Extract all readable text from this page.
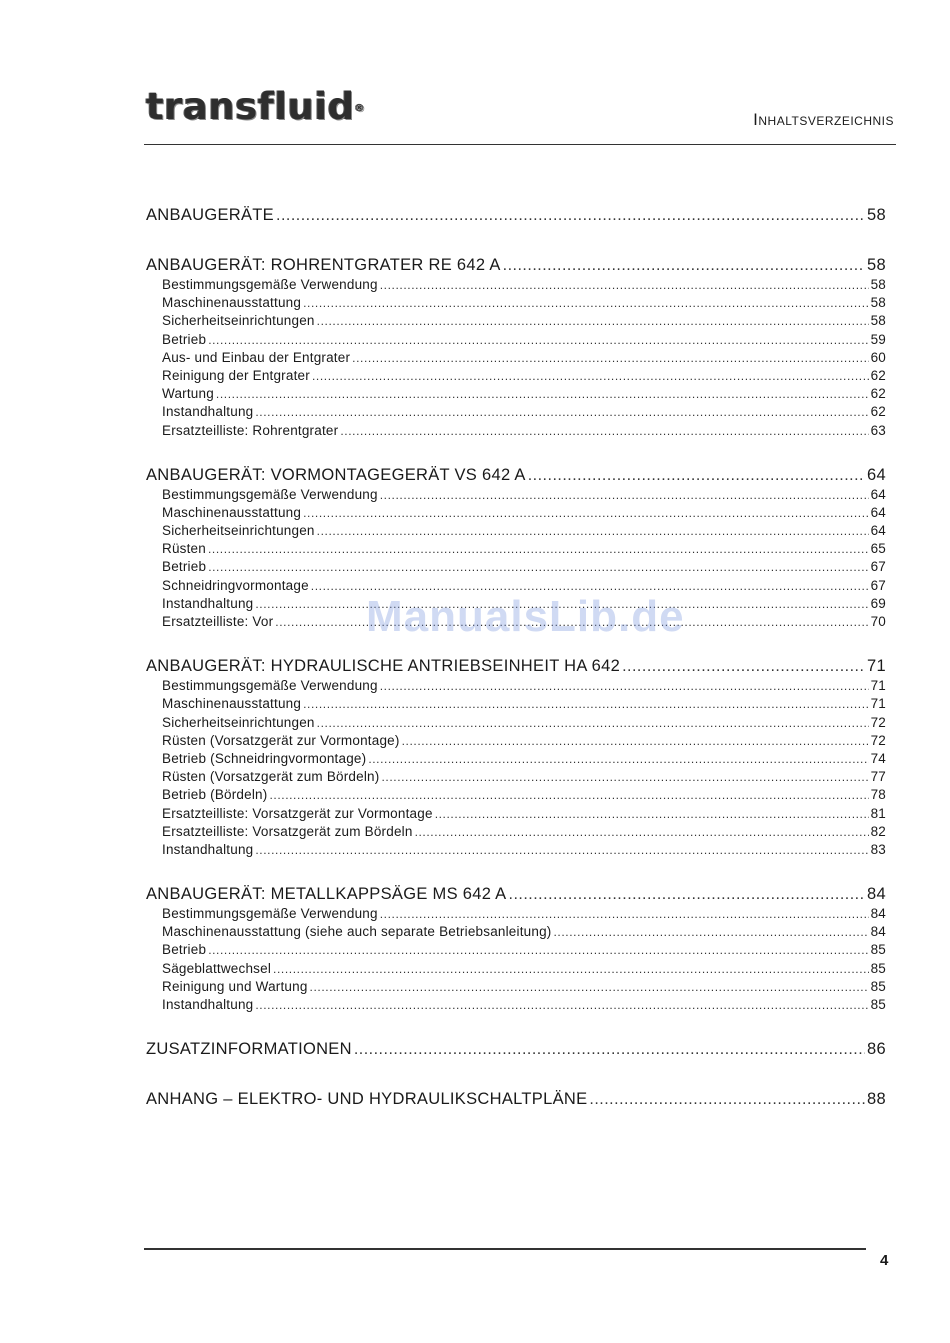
transfluid®
Inhaltsverzeichnis
ANBAUGERÄTE .....	58
ANBAUGERÄT: ROHRENTGRATER RE 642 A .....	58
Bestimmungsgemäße Verwendung .....	58
Maschinenausstattung .....	58
Sicherheitseinrichtungen .....	58
Betrieb .....	59
Aus- und Einbau der Entgrater .....	60
Reinigung der Entgrater .....	62
Wartung .....	62
Instandhaltung .....	62
Ersatzteilliste: Rohrentgrater .....	63
ANBAUGERÄT: VORMONTAGEGERÄT VS 642 A .....	64
Bestimmungsgemäße Verwendung .....	64
Maschinenausstattung .....	64
Sicherheitseinrichtungen .....	64
Rüsten .....	65
Betrieb .....	67
Schneidringvormontage .....	67
Instandhaltung .....	69
Ersatzteilliste: Vor .....	70
ANBAUGERÄT: HYDRAULISCHE ANTRIEBSEINHEIT HA 642 .....	71
Bestimmungsgemäße Verwendung .....	71
Maschinenausstattung .....	71
Sicherheitseinrichtungen .....	72
Rüsten (Vorsatzgerät zur Vormontage) .....	72
Betrieb (Schneidringvormontage) .....	74
Rüsten (Vorsatzgerät zum Bördeln) .....	77
Betrieb (Bördeln) .....	78
Ersatzteilliste: Vorsatzgerät zur Vormontage .....	81
Ersatzteilliste: Vorsatzgerät zum Bördeln .....	82
Instandhaltung .....	83
ANBAUGERÄT: METALLKAPPSÄGE MS 642 A .....	84
Bestimmungsgemäße Verwendung .....	84
Maschinenausstattung (siehe auch separate Betriebsanleitung) .....	84
Betrieb .....	85
Sägeblattwechsel .....	85
Reinigung und Wartung .....	85
Instandhaltung .....	85
ZUSATZINFORMATIONEN .....	86
ANHANG – ELEKTRO- UND HYDRAULIKSCHALTPLÄNE .....	88
ManualsLib.de
4
